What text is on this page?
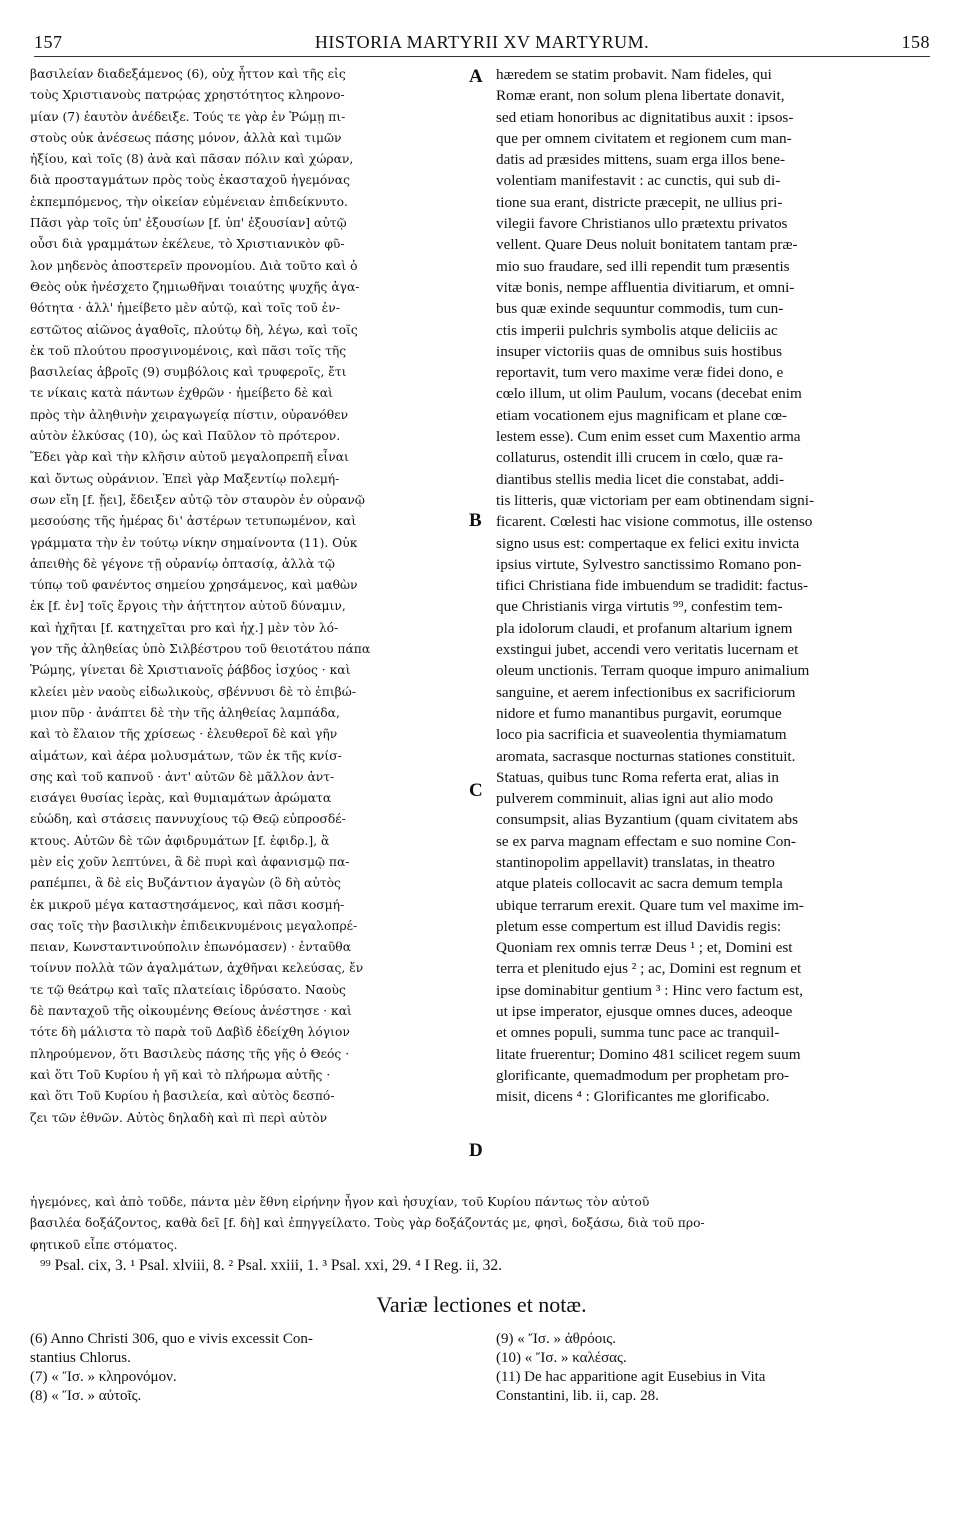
157	HISTORIA MARTYRII XV MARTYRUM.	158
βασιλείαν διαδεξάμενος (6), οὐχ ἧττον καὶ τῆς εἰς
τοὺς Χριστιανοὺς πατρῴας χρηστότητος κληρονο-
μίαν (7) ἑαυτὸν ἀνέδειξε. Τούς τε γὰρ ἐν Ῥώμῃ πι-
στοὺς οὐκ ἀνέσεως πάσης μόνον, ἀλλὰ καὶ τιμῶν
ἠξίου, καὶ τοῖς (8) ἀνὰ καὶ πᾶσαν πόλιν καὶ χώραν,
διὰ προσταγμάτων πρὸς τοὺς ἑκασταχοῦ ἡγεμόνας
ἐκπεμπόμενος, τὴν οἰκείαν εὐμένειαν ἐπιδείκνυτο.
Πᾶσι γὰρ τοῖς ὑπ' ἐξουσίων [f. ὑπ' ἐξουσίαν] αὐτῷ
οὖσι διὰ γραμμάτων ἐκέλευε, τὸ Χριστιανικὸν φῦ-
λον μηδενὸς ἀποστερεῖν προνομίου. Διὰ τοῦτο καὶ ὁ
Θεὸς οὐκ ἠνέσχετο ζημιωθῆναι τοιαύτης ψυχῆς ἀγα-
θότητα · ἀλλ' ἠμείβετο μὲν αὐτῷ, καὶ τοῖς τοῦ ἐν-
εστῶτος αἰῶνος ἀγαθοῖς, πλούτῳ δὴ, λέγω, καὶ τοῖς
ἐκ τοῦ πλούτου προσγινομένοις, καὶ πᾶσι τοῖς τῆς
βασιλείας ἁβροῖς (9) συμβόλοις καὶ τρυφεροῖς, ἔτι
τε νίκαις κατὰ πάντων ἐχθρῶν · ἠμείβετο δὲ καὶ
πρὸς τὴν ἀληθινὴν χειραγωγείᾳ πίστιν, οὐρανόθεν
αὐτὸν ἑλκύσας (10), ὡς καὶ Παῦλον τὸ πρότερον.
Ἔδει γὰρ καὶ τὴν κλῆσιν αὐτοῦ μεγαλοπρεπῆ εἶναι
καὶ ὄντως οὐράνιον. Ἐπεὶ γὰρ Μαξεντίῳ πολεμή-
σων εἴη [f. ᾔει], ἔδειξεν αὐτῷ τὸν σταυρὸν ἐν οὐρανῷ
μεσούσης τῆς ἡμέρας δι' ἀστέρων τετυπωμένον, καὶ
γράμματα τὴν ἐν τούτῳ νίκην σημαίνοντα (11). Οὐκ
ἀπειθὴς δὲ γέγονε τῇ οὐρανίῳ ὀπτασίᾳ, ἀλλὰ τῷ
τύπῳ τοῦ φανέντος σημείου χρησάμενος, καὶ μαθὼν
ἐκ [f. ἐν] τοῖς ἔργοις τὴν ἀήττητον αὐτοῦ δύναμιν,
καὶ ἠχῆται [f. κατηχεῖται pro καὶ ἠχ.] μὲν τὸν λό-
γον τῆς ἀληθείας ὑπὸ Σιλβέστρου τοῦ θειοτάτου πάπα
Ῥώμης, γίνεται δὲ Χριστιανοῖς ῥάβδος ἰσχύος · καὶ
κλείει μὲν ναοὺς εἰδωλικοὺς, σβέννυσι δὲ τὸ ἐπιβώ-
μιον πῦρ · ἀνάπτει δὲ τὴν τῆς ἀληθείας λαμπάδα,
καὶ τὸ ἔλαιον τῆς χρίσεως · ἐλευθεροῖ δὲ καὶ γῆν
αἱμάτων, καὶ ἀέρα μολυσμάτων, τῶν ἐκ τῆς κνίσ-
σης καὶ τοῦ καπνοῦ · ἀντ' αὐτῶν δὲ μᾶλλον ἀντ-
εισάγει θυσίας ἱερὰς, καὶ θυμιαμάτων ἀρώματα
εὐώδη, καὶ στάσεις παννυχίους τῷ Θεῷ εὐπροσδέ-
κτους. Αὐτῶν δὲ τῶν ἀφιδρυμάτων [f. ἐφιδρ.], ἃ
μὲν εἰς χοῦν λεπτύνει, ἃ δὲ πυρὶ καὶ ἀφανισμῷ πα-
ραπέμπει, ἃ δὲ εἰς Βυζάντιον ἀγαγὼν (ὃ δὴ αὐτὸς
ἐκ μικροῦ μέγα καταστησάμενος, καὶ πᾶσι κοσμή-
σας τοῖς τὴν βασιλικὴν ἐπιδεικνυμένοις μεγαλοπρέ-
πειαν, Κωνσταντινούπολιν ἐπωνόμασεν) · ἐνταῦθα
τοίνυν πολλὰ τῶν ἀγαλμάτων, ἀχθῆναι κελεύσας, ἔν
τε τῷ θεάτρῳ καὶ ταῖς πλατείαις ἱδρύσατο. Ναοὺς
δὲ πανταχοῦ τῆς οἰκουμένης Θείους ἀνέστησε · καὶ
τότε δὴ μάλιστα τὸ παρὰ τοῦ Δαβὶδ ἐδείχθη λόγιον
πληρούμενον, ὅτι Βασιλεὺς πάσης τῆς γῆς ὁ Θεός ·
καὶ ὅτι Τοῦ Κυρίου ἡ γῆ καὶ τὸ πλήρωμα αὐτῆς ·
καὶ ὅτι Τοῦ Κυρίου ἡ βασιλεία, καὶ αὐτὸς δεσπό-
ζει τῶν ἐθνῶν. Αὐτὸς δηλαδὴ καὶ πὶ περὶ αὐτὸν
A
B
C
D
hæredem se statim probavit. Nam fideles, qui
Romæ erant, non solum plena libertate donavit,
sed etiam honoribus ac dignitatibus auxit : ipsos-
que per omnem civitatem et regionem cum man-
datis ad præsides mittens, suam erga illos bene-
volentiam manifestavit : ac cunctis, qui sub di-
tione sua erant, districte præcepit, ne ullius pri-
vilegii favore Christianos ullo prætextu privatos
vellent. Quare Deus noluit bonitatem tantam præ-
mio suo fraudare, sed illi rependit tum præsentis
vitæ bonis, nempe affluentia divitiarum, et omni-
bus quæ exinde sequuntur commodis, tum cun-
ctis imperii pulchris symbolis atque deliciis ac
insuper victoriis quas de omnibus suis hostibus
reportavit, tum vero maxime veræ fidei dono, e
cœlo illum, ut olim Paulum, vocans (decebat enim
etiam vocationem ejus magnificam et plane cœ-
lestem esse). Cum enim esset cum Maxentio arma
collaturus, ostendit illi crucem in cœlo, quæ ra-
diantibus stellis media licet die constabat, addi-
tis litteris, quæ victoriam per eam obtinendam signi-
ficarent. Cœlesti hac visione commotus, ille ostenso
signo usus est: compertaque ex felici exitu invicta
ipsius virtute, Sylvestro sanctissimo Romano pon-
tifici Christiana fide imbuendum se tradidit: factus-
que Christianis virga virtutis ⁹⁹, confestim tem-
pla idolorum claudi, et profanum altarium ignem
exstingui jubet, accendi vero veritatis lucernam et
oleum unctionis. Terram quoque impuro animalium
sanguine, et aerem infectionibus ex sacrificiorum
nidore et fumo manantibus purgavit, eorumque
loco pia sacrificia et suaveolentia thymiamatum
aromata, sacrasque nocturnas stationes constituit.
Statuas, quibus tunc Roma referta erat, alias in
pulverem comminuit, alias igni aut alio modo
consumpsit, alias Byzantium (quam civitatem abs
se ex parva magnam effectam e suo nomine Con-
stantinopolim appellavit) translatas, in theatro
atque plateis collocavit ac sacra demum templa
ubique terrarum erexit. Quare tum vel maxime im-
pletum esse compertum est illud Davidis regis:
Quoniam rex omnis terræ Deus ¹ ; et, Domini est
terra et plenitudo ejus ² ; ac, Domini est regnum et
ipse dominabitur gentium ³ : Hinc vero factum est,
ut ipse imperator, ejusque omnes duces, adeoque
et omnes populi, summa tunc pace ac tranquil-
litate fruerentur; Domino 481 scilicet regem suum
glorificante, quemadmodum per prophetam pro-
misit, dicens ⁴ : Glorificantes me glorificabo.
ἡγεμόνες, καὶ ἀπὸ τοῦδε, πάντα μὲν ἔθνη εἰρήνην ἦγον καὶ ἡσυχίαν, τοῦ Κυρίου πάντως τὸν αὐτοῦ
βασιλέα δοξάζοντος, καθὰ δεῖ [f. δὴ] καὶ ἐπηγγείλατο. Τοὺς γὰρ δοξάζοντάς με, φησὶ, δοξάσω, διὰ τοῦ προ-
φητικοῦ εἶπε στόματος.
⁹⁹ Psal. cix, 3. ¹ Psal. xlviii, 8. ² Psal. xxiii, 1. ³ Psal. xxi, 29. ⁴ I Reg. ii, 32.
Variæ lectiones et notæ.
(6) Anno Christi 306, quo e vivis excessit Con-
stantius Chlorus.
(7) « Ἴσ. » κληρονόμον.
(8) « Ἴσ. » αὐτοῖς.
(9) « Ἴσ. » ἀθρόοις.
(10) « Ἴσ. » καλέσας.
(11) De hac apparitione agit Eusebius in Vita
Constantini, lib. ii, cap. 28.
